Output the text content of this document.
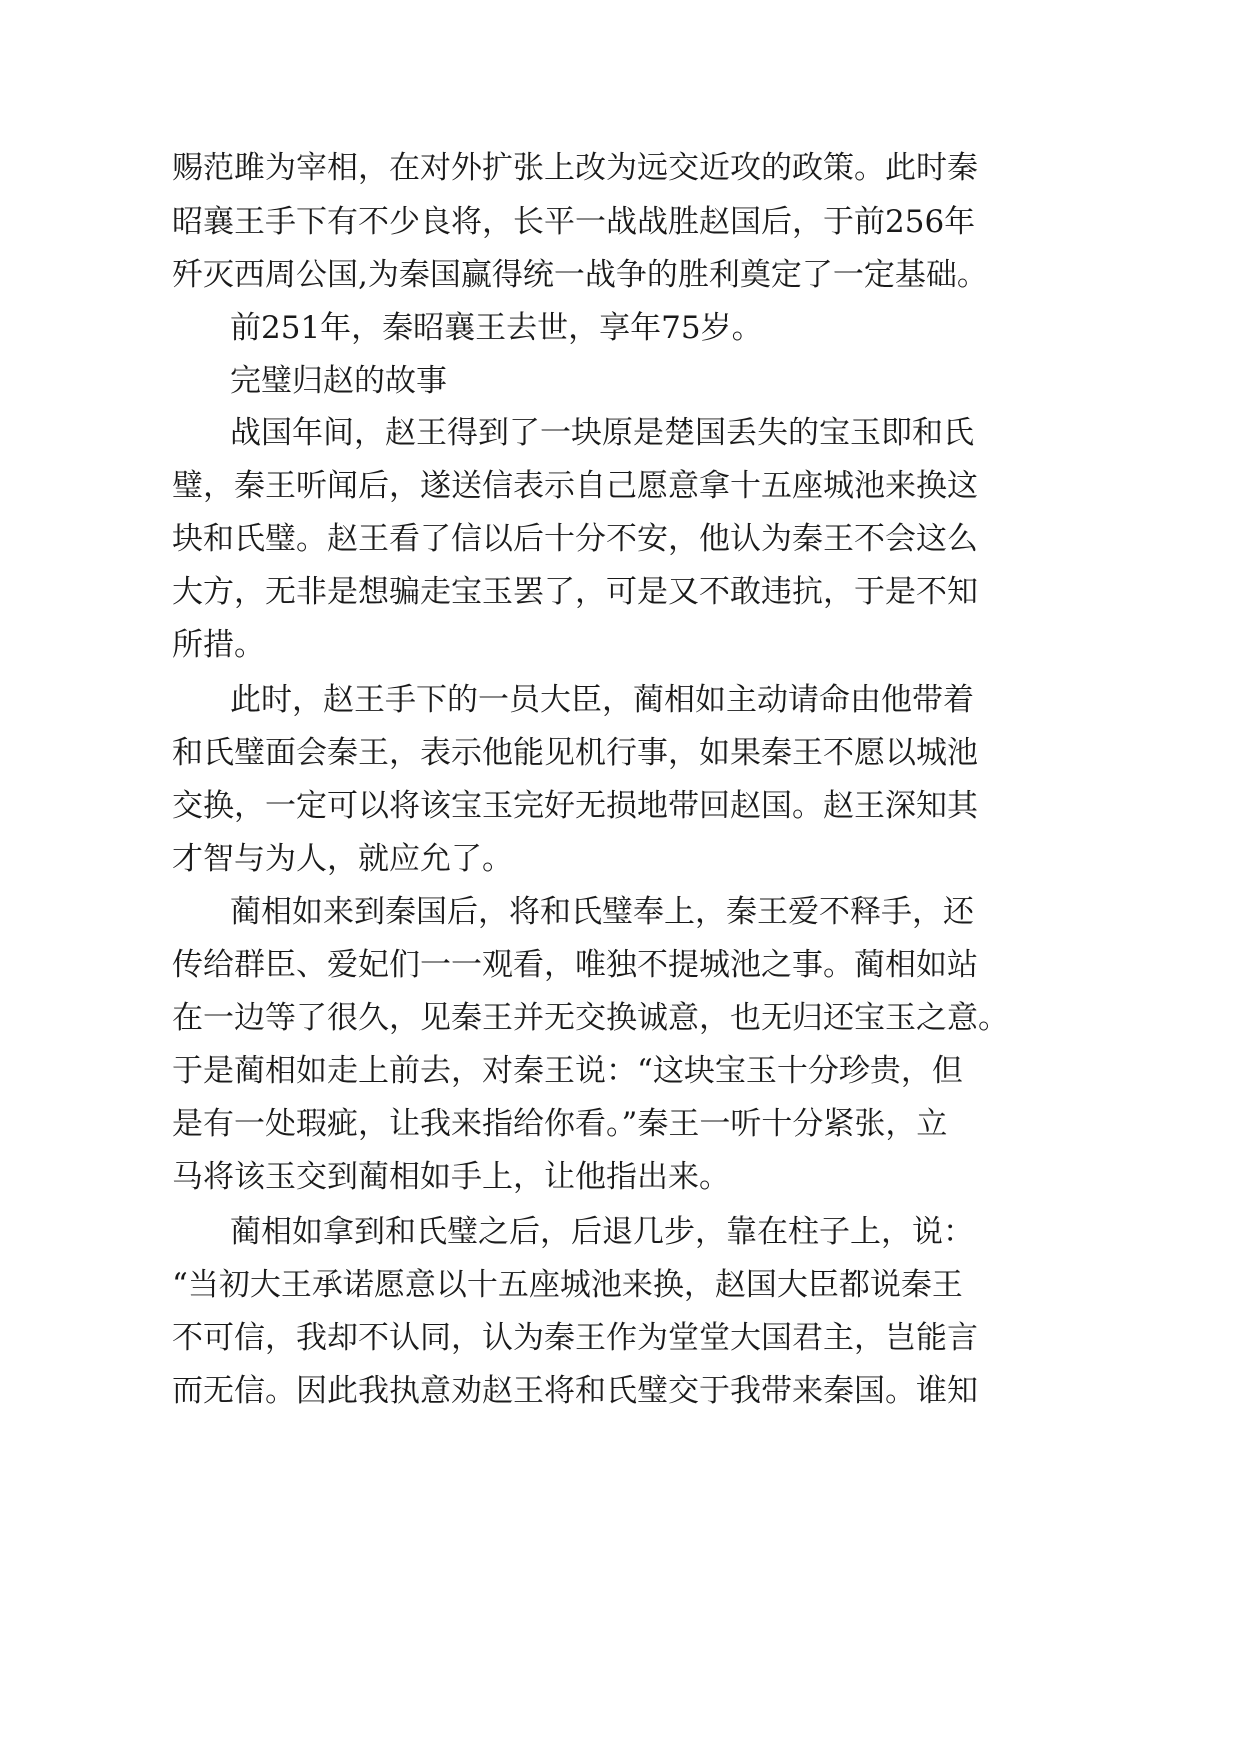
赐范雎为宰相，在对外扩张上改为远交近攻的政策。此时秦

昭襄王手下有不少良将，长平一战战胜赵国后，于前256年

歼灭西周公国,为秦国赢得统一战争的胜利奠定了一定基础。

前251年，秦昭襄王去世，享年75岁。

完璧归赵的故事

战国年间，赵王得到了一块原是楚国丢失的宝玉即和氏

璧，秦王听闻后，遂送信表示自己愿意拿十五座城池来换这

块和氏璧。赵王看了信以后十分不安，他认为秦王不会这么

大方，无非是想骗走宝玉罢了，可是又不敢违抗，于是不知

所措。

此时，赵王手下的一员大臣，蔺相如主动请命由他带着

和氏璧面会秦王，表示他能见机行事，如果秦王不愿以城池

交换，一定可以将该宝玉完好无损地带回赵国。赵王深知其

才智与为人，就应允了。

蔺相如来到秦国后，将和氏璧奉上，秦王爱不释手，还

传给群臣、爱妃们一一观看，唯独不提城池之事。蔺相如站

在一边等了很久，见秦王并无交换诚意，也无归还宝玉之意。

于是蔺相如走上前去，对秦王说：“这块宝玉十分珍贵，但

是有一处瑕疵，让我来指给你看。”秦王一听十分紧张，立

马将该玉交到蔺相如手上，让他指出来。

蔺相如拿到和氏璧之后，后退几步，靠在柱子上，说：

“当初大王承诺愿意以十五座城池来换，赵国大臣都说秦王

不可信，我却不认同，认为秦王作为堂堂大国君主，岂能言

而无信。因此我执意劝赵王将和氏璧交于我带来秦国。谁知
